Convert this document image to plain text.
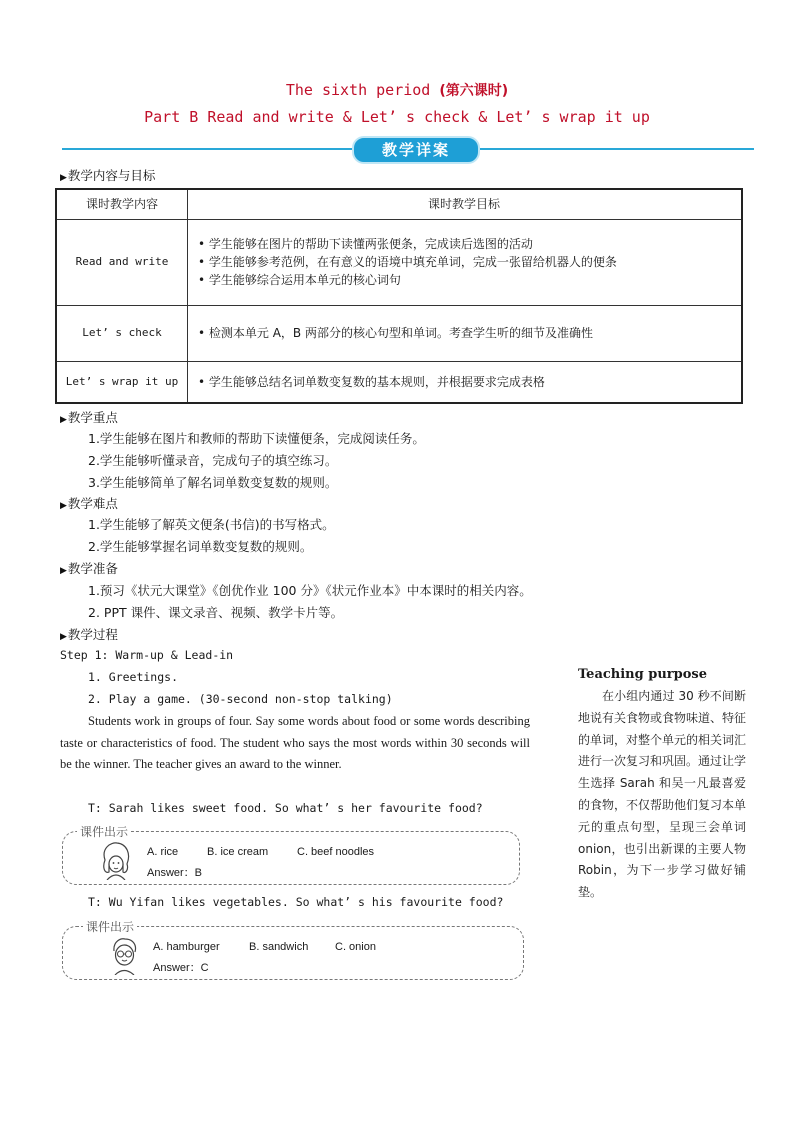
The sixth period (第六课时)
Part B Read and write & Let’ s check & Let’ s wrap it up
教学详案
▶教学内容与目标
课时教学内容	课时教学目标
Read and write	• 学生能够在图片的帮助下读懂两张便条，完成读后选图的活动
• 学生能够参考范例，在有意义的语境中填充单词，完成一张留给机器人的便条
• 学生能够综合运用本单元的核心词句

Let’ s check	• 检测本单元 A，B 两部分的核心句型和单词。考查学生听的细节及准确性

Let’ s wrap it up	• 学生能够总结名词单数变复数的基本规则，并根据要求完成表格
▶教学重点
1.学生能够在图片和教师的帮助下读懂便条，完成阅读任务。
2.学生能够听懂录音，完成句子的填空练习。
3.学生能够简单了解名词单数变复数的规则。
▶教学难点
1.学生能够了解英文便条(书信)的书写格式。
2.学生能够掌握名词单数变复数的规则。
▶教学准备
1.预习《状元大课堂》《创优作业 100 分》《状元作业本》中本课时的相关内容。
2. PPT 课件、课文录音、视频、教学卡片等。
▶教学过程
Step 1: Warm-up & Lead-in
1. Greetings.
2. Play a game. (30-second non-stop talking)
Students work in groups of four. Say some words about food or some words describing taste or characteristics of food. The student who says the most words within 30 seconds will be the winner. The teacher gives an award to the winner.
T: Sarah likes sweet food. So what’ s her favourite food?
课件出示
A. rice	B. ice cream	C. beef noodles
Answer：B
T: Wu Yifan likes vegetables. So what’ s his favourite food?
课件出示
A. hamburger	B. sandwich C. onion
Answer：C
Teaching purpose
在小组内通过 30 秒不间断地说有关食物或食物味道、特征的单词，对整个单元的相关词汇进行一次复习和巩固。通过让学生选择 Sarah 和吴一凡最喜爱的食物，不仅帮助他们复习本单元的重点句型，呈现三会单词 onion，也引出新课的主要人物 Robin，为下一步学习做好铺垫。
